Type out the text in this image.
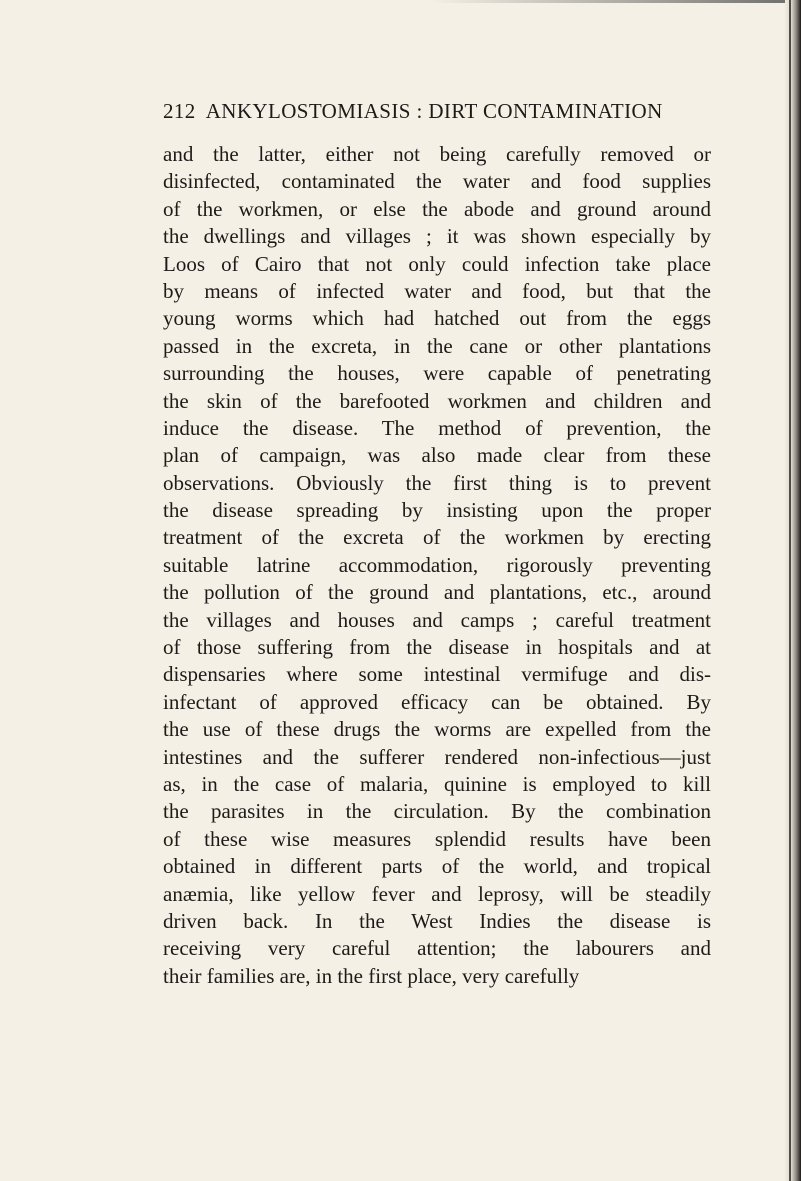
212 ANKYLOSTOMIASIS : DIRT CONTAMINATION
and the latter, either not being carefully removed or
disinfected, contaminated the water and food supplies
of the workmen, or else the abode and ground around
the dwellings and villages ; it was shown especially by
Loos of Cairo that not only could infection take place
by means of infected water and food, but that the
young worms which had hatched out from the eggs
passed in the excreta, in the cane or other plantations
surrounding the houses, were capable of penetrating
the skin of the barefooted workmen and children and
induce the disease. The method of prevention, the
plan of campaign, was also made clear from these
observations. Obviously the first thing is to prevent
the disease spreading by insisting upon the proper
treatment of the excreta of the workmen by erecting
suitable latrine accommodation, rigorously preventing
the pollution of the ground and plantations, etc., around
the villages and houses and camps ; careful treatment
of those suffering from the disease in hospitals and at
dispensaries where some intestinal vermifuge and dis-
infectant of approved efficacy can be obtained. By
the use of these drugs the worms are expelled from the
intestines and the sufferer rendered non-infectious—just
as, in the case of malaria, quinine is employed to kill
the parasites in the circulation. By the combination
of these wise measures splendid results have been
obtained in different parts of the world, and tropical
anæmia, like yellow fever and leprosy, will be steadily
driven back. In the West Indies the disease is
receiving very careful attention; the labourers and
their families are, in the first place, very carefully
